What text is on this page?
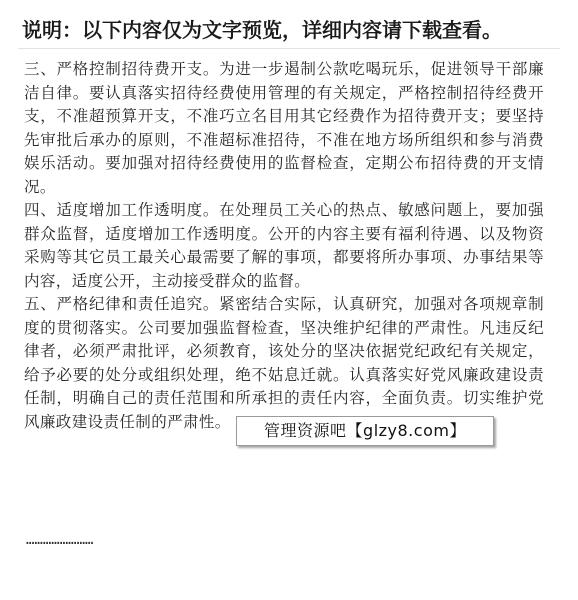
说明：以下内容仅为文字预览，详细内容请下载查看。

三、严格控制招待费开支。为进一步遏制公款吃喝玩乐，促进领导干部廉洁自律。要认真落实招待经费使用管理的有关规定，严格控制招待经费开支，不准超预算开支，不准巧立名目用其它经费作为招待费开支；要坚持先审批后承办的原则，不准超标准招待，不准在地方场所组织和参与消费娱乐活动。要加强对招待经费使用的监督检查，定期公布招待费的开支情况。

四、适度增加工作透明度。在处理员工关心的热点、敏感问题上，要加强群众监督，适度增加工作透明度。公开的内容主要有福利待遇、以及物资采购等其它员工最关心最需要了解的事项，都要将所办事项、办事结果等内容，适度公开，主动接受群众的监督。

五、严格纪律和责任追究。紧密结合实际，认真研究，加强对各项规章制度的贯彻落实。公司要加强监督检查，坚决维护纪律的严肃性。凡违反纪律者，必须严肃批评，必须教育，该处分的坚决依据党纪政纪有关规定，给予必要的处分或组织处理，绝不姑息迁就。认真落实好党风廉政建设责任制，明确自己的责任范围和所承担的责任内容，全面负责。切实维护党风廉政建设责任制的严肃性。

……………………
管理资源吧【glzy8.com】
